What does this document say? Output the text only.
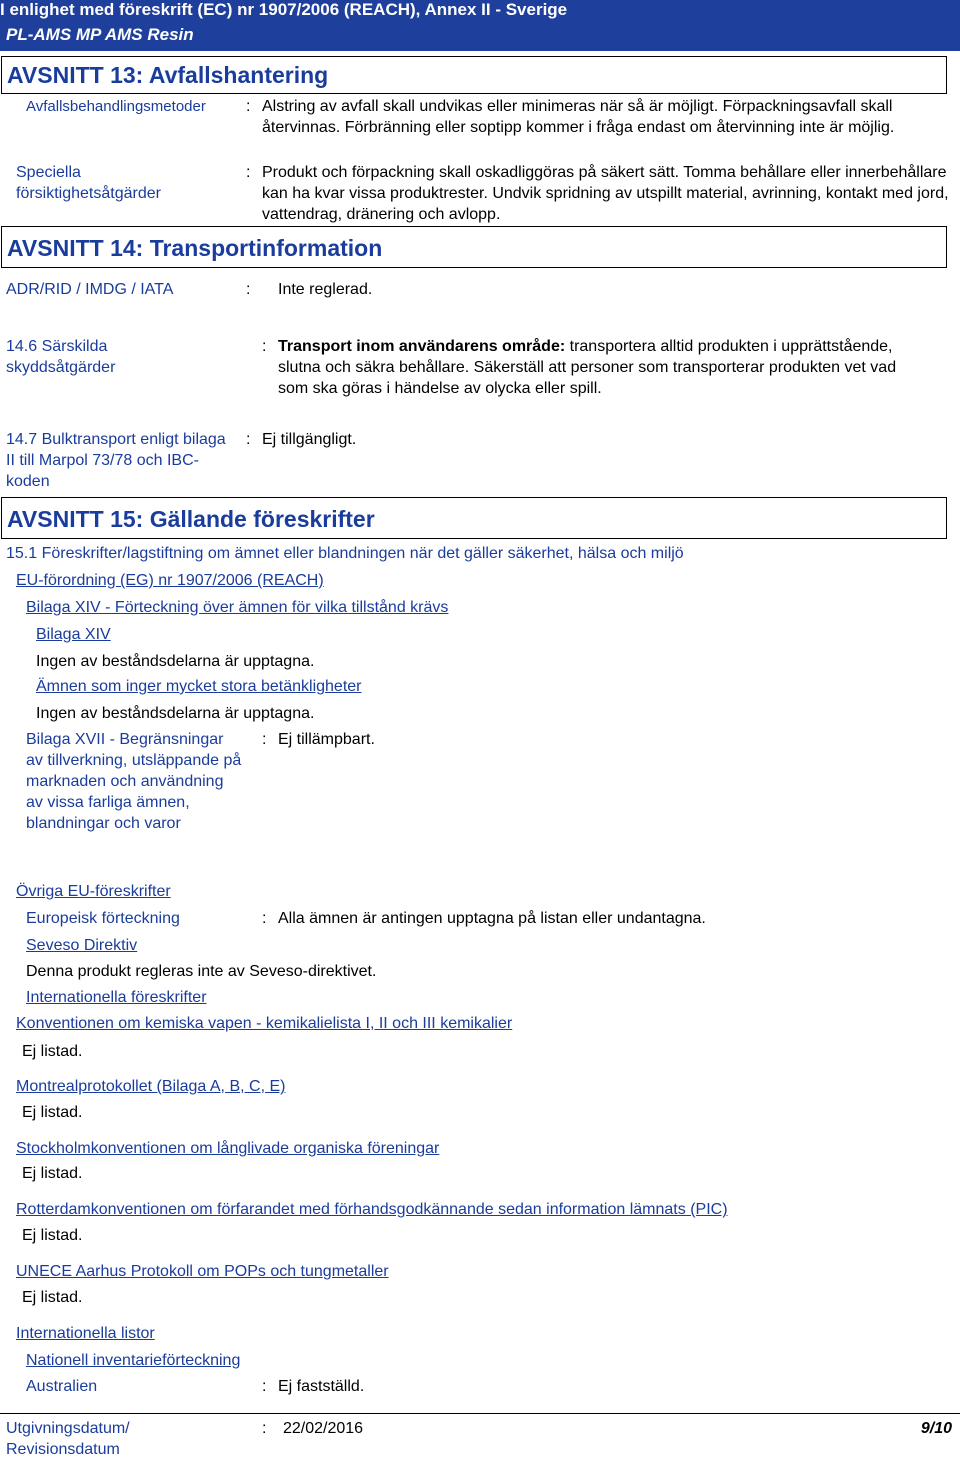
I enlighet med föreskrift (EC) nr 1907/2006 (REACH), Annex II - Sverige
PL-AMS MP AMS Resin
AVSNITT 13: Avfallshantering
Avfallsbehandlingsmetoder	: Alstring av avfall skall undvikas eller minimeras när så är möjligt. Förpackningsavfall skall återvinnas. Förbränning eller soptipp kommer i fråga endast om återvinning inte är möjlig.
Speciella försiktighetsåtgärder
: Produkt och förpackning skall oskadliggöras på säkert sätt. Tomma behållare eller innerbehållare kan ha kvar vissa produktrester. Undvik spridning av utspillt material, avrinning, kontakt med jord, vattendrag, dränering och avlopp.
AVSNITT 14: Transportinformation
ADR/RID / IMDG / IATA	: Inte reglerad.
14.6 Särskilda skyddsåtgärder
: Transport inom användarens område: transportera alltid produkten i upprättstående, slutna och säkra behållare. Säkerställ att personer som transporterar produkten vet vad som ska göras i händelse av olycka eller spill.
14.7 Bulktransport enligt bilaga II till Marpol 73/78 och IBC-koden
: Ej tillgängligt.
AVSNITT 15: Gällande föreskrifter
15.1 Föreskrifter/lagstiftning om ämnet eller blandningen när det gäller säkerhet, hälsa och miljö
EU-förordning (EG) nr 1907/2006 (REACH)
Bilaga XIV - Förteckning över ämnen för vilka tillstånd krävs
Bilaga XIV
Ingen av beståndsdelarna är upptagna.
Ämnen som inger mycket stora betänkligheter
Ingen av beståndsdelarna är upptagna.
Bilaga XVII - Begränsningar av tillverkning, utsläppande på marknaden och användning av vissa farliga ämnen, blandningar och varor
: Ej tillämpbart.
Övriga EU-föreskrifter
Europeisk förteckning	: Alla ämnen är antingen upptagna på listan eller undantagna.
Seveso Direktiv
Denna produkt regleras inte av Seveso-direktivet.
Internationella föreskrifter
Konventionen om kemiska vapen - kemikalielista I, II och III kemikalier
Ej listad.
Montrealprotokollet (Bilaga A, B, C, E)
Ej listad.
Stockholmkonventionen om långlivade organiska föreningar
Ej listad.
Rotterdamkonventionen om förfarandet med förhandsgodkännande sedan information lämnats (PIC)
Ej listad.
UNECE Aarhus Protokoll om POPs och tungmetaller
Ej listad.
Internationella listor
Nationell inventarieförteckning
Australien	: Ej fastställd.
Utgivningsdatum/ Revisionsdatum
: 22/02/2016	9/10
